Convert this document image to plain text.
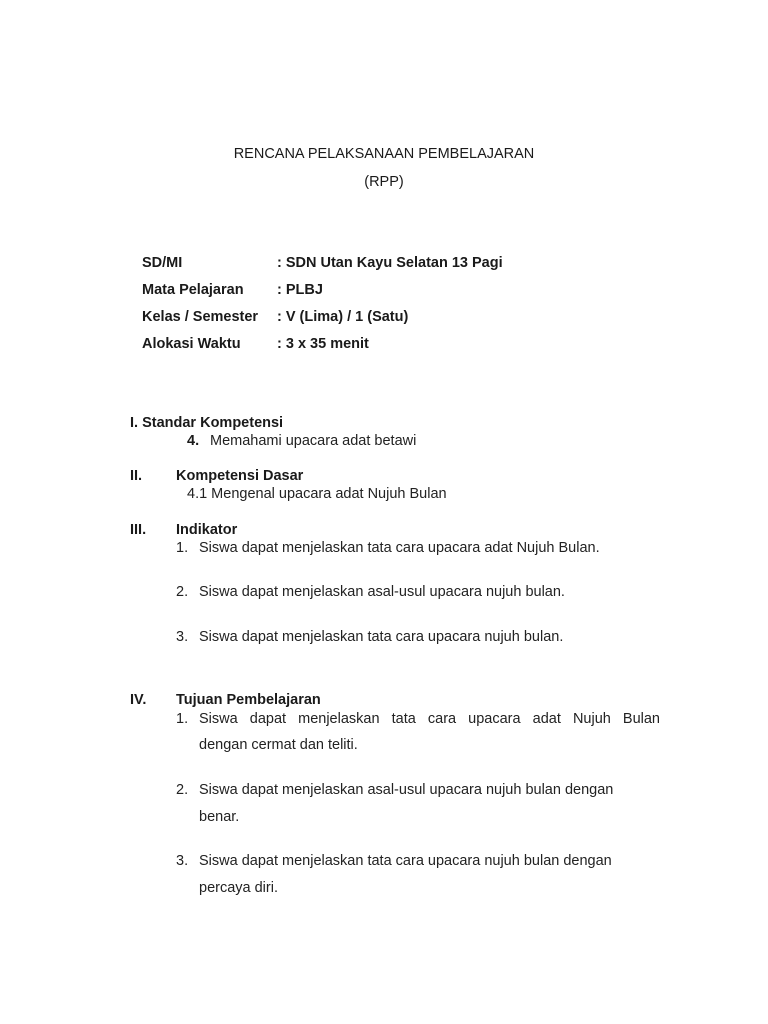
RENCANA PELAKSANAAN PEMBELAJARAN
(RPP)
SD/MI	: SDN Utan Kayu Selatan 13 Pagi
Mata Pelajaran : PLBJ
Kelas / Semester : V (Lima) / 1 (Satu)
Alokasi Waktu	: 3 x 35 menit
I. Standar Kompetensi
4. Memahami upacara adat betawi
II. Kompetensi Dasar
4.1 Mengenal upacara adat Nujuh Bulan
III. Indikator
1. Siswa dapat menjelaskan tata cara upacara adat Nujuh Bulan.
2. Siswa dapat menjelaskan asal-usul upacara nujuh bulan.
3. Siswa dapat menjelaskan tata cara upacara nujuh bulan.
IV. Tujuan Pembelajaran
1. Siswa dapat menjelaskan tata cara upacara adat Nujuh Bulan
dengan cermat dan teliti.
2. Siswa dapat menjelaskan asal-usul upacara nujuh bulan dengan
benar.
3. Siswa dapat menjelaskan tata cara upacara nujuh bulan dengan
percaya diri.
